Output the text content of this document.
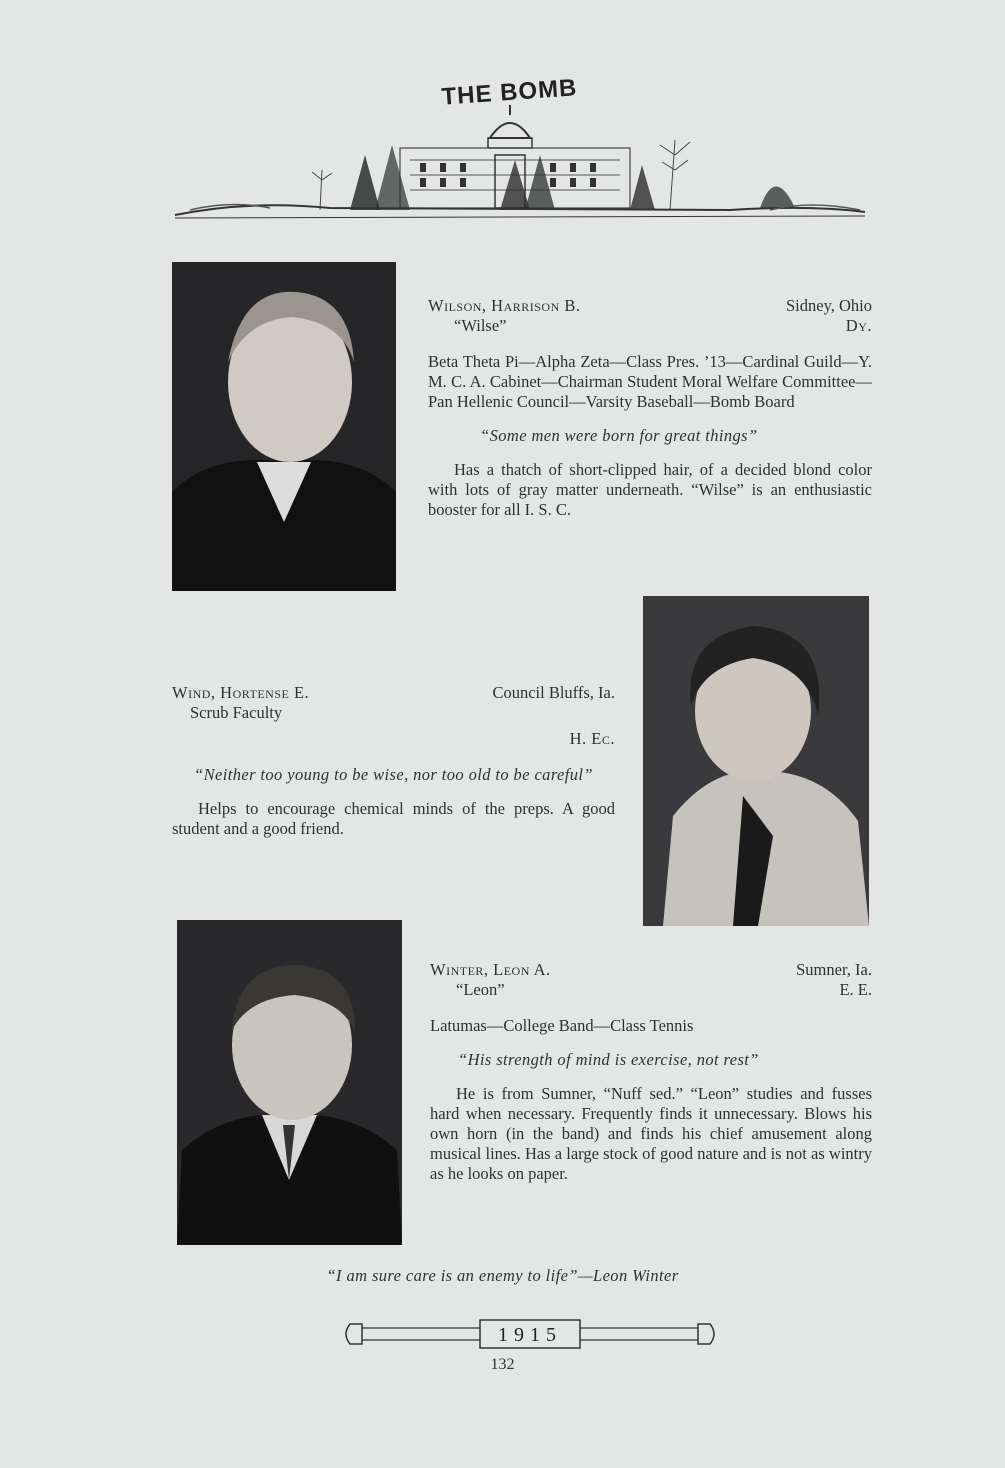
THE BOMB
Wilson, Harrison B.	Sidney, Ohio
“Wilse”	Dy.
Beta Theta Pi—Alpha Zeta—Class Pres. ’13—Cardinal Guild—Y. M. C. A. Cabinet—Chairman Student Moral Welfare Committee—Pan Hellenic Council—Varsity Baseball—Bomb Board
“Some men were born for great things”
Has a thatch of short-clipped hair, of a decided blond color with lots of gray matter underneath. “Wilse” is an enthusiastic booster for all I. S. C.
Wind, Hortense E.	Council Bluffs, Ia.
Scrub Faculty
H. Ec.
“Neither too young to be wise, nor too old to be careful”
Helps to encourage chemical minds of the preps. A good student and a good friend.
Winter, Leon A.	Sumner, Ia.
“Leon”	E. E.
Latumas—College Band—Class Tennis
“His strength of mind is exercise, not rest”
He is from Sumner, “Nuff sed.” “Leon” studies and fusses hard when necessary. Frequently finds it unnecessary. Blows his own horn (in the band) and finds his chief amusement along musical lines. Has a large stock of good nature and is not as wintry as he looks on paper.
“I am sure care is an enemy to life”—Leon Winter
1915
132
